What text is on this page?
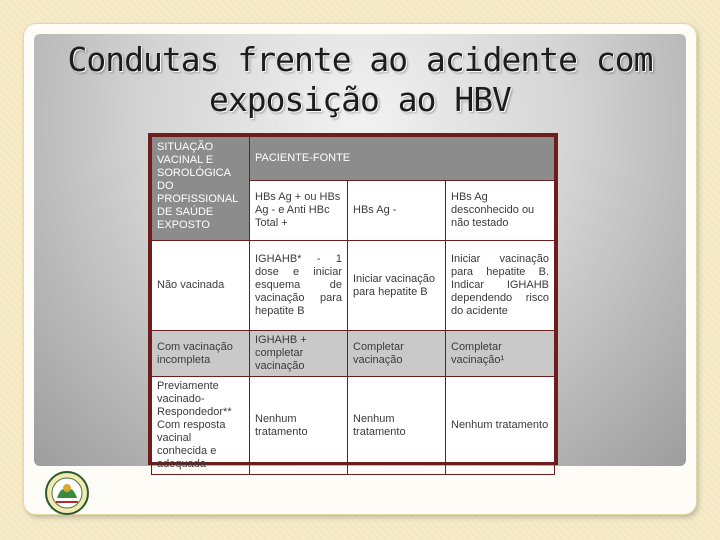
Condutas frente ao acidente com
exposição ao HBV
SITUAÇÃO VACINAL E SOROLÓGICA DO PROFISSIONAL DE SAÚDE EXPOSTO	PACIENTE-FONTE		
	HBs Ag + ou HBs Ag - e Anti HBc Total +	HBs Ag -	HBs Ag desconhecido ou não testado
Não vacinada	IGHAHB* - 1 dose e iniciar esquema de vacinação para hepatite B	Iniciar vacinação para hepatite B	Iniciar vacinação para hepatite B. Indicar IGHAHB dependendo risco do acidente
Com vacinação incompleta	IGHAHB + completar vacinação	Completar vacinação	Completar vacinação¹
Previamente vacinado-Respondedor** Com resposta vacinal conhecida e adequada	Nenhum tratamento	Nenhum tratamento	Nenhum tratamento
